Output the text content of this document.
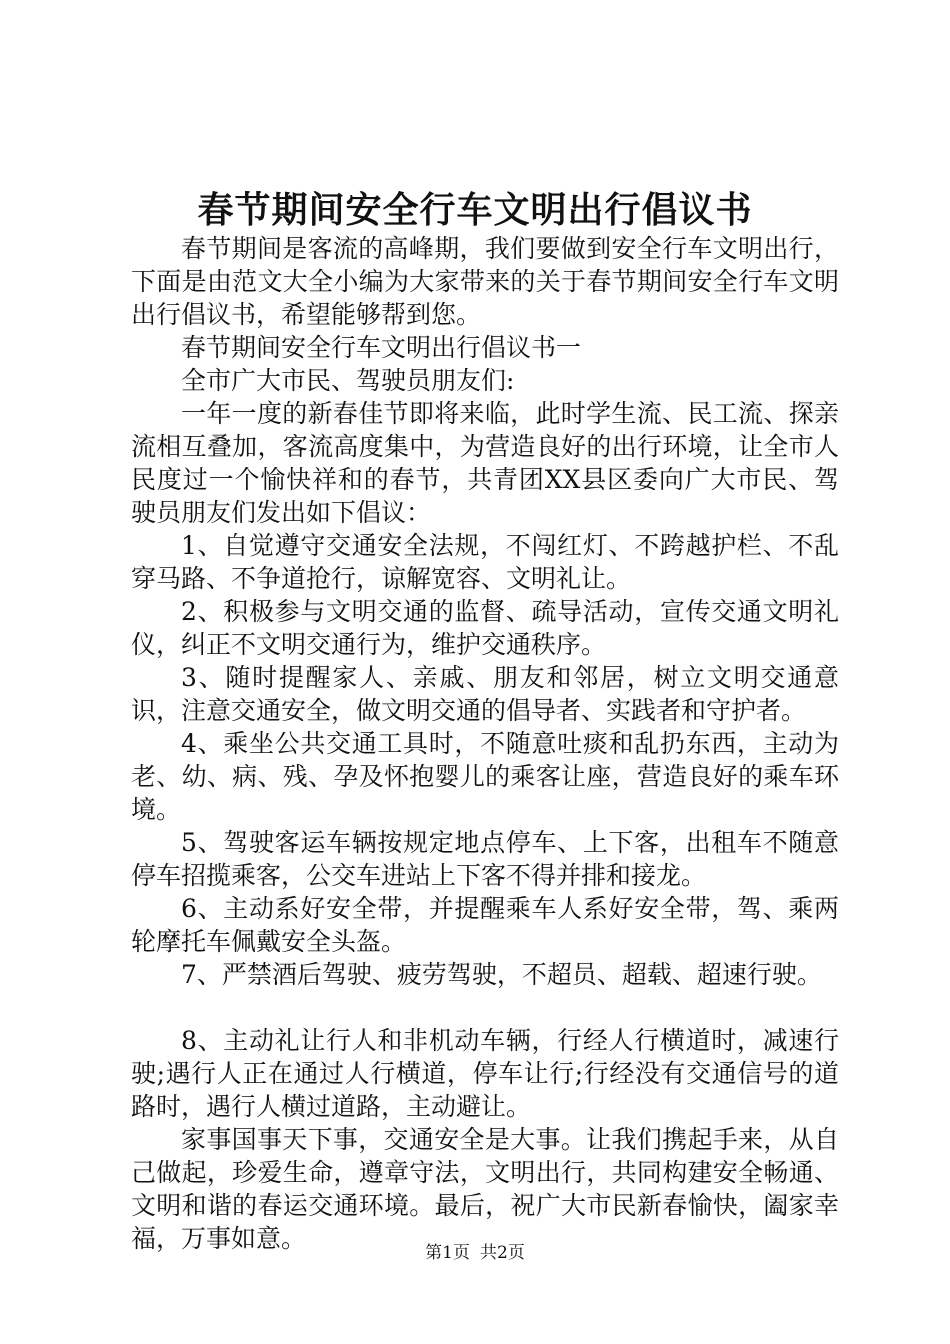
春节期间安全行车文明出行倡议书

春节期间是客流的高峰期，我们要做到安全行车文明出行，下面是由范文大全小编为大家带来的关于春节期间安全行车文明出行倡议书，希望能够帮到您。

春节期间安全行车文明出行倡议书一

全市广大市民、驾驶员朋友们:

一年一度的新春佳节即将来临，此时学生流、民工流、探亲流相互叠加，客流高度集中，为营造良好的出行环境，让全市人民度过一个愉快祥和的春节，共青团XX县区委向广大市民、驾驶员朋友们发出如下倡议：

1、自觉遵守交通安全法规，不闯红灯、不跨越护栏、不乱穿马路、不争道抢行，谅解宽容、文明礼让。

2、积极参与文明交通的监督、疏导活动，宣传交通文明礼仪，纠正不文明交通行为，维护交通秩序。

3、随时提醒家人、亲戚、朋友和邻居，树立文明交通意识，注意交通安全，做文明交通的倡导者、实践者和守护者。

4、乘坐公共交通工具时，不随意吐痰和乱扔东西，主动为老、幼、病、残、孕及怀抱婴儿的乘客让座，营造良好的乘车环境。

5、驾驶客运车辆按规定地点停车、上下客，出租车不随意停车招揽乘客，公交车进站上下客不得并排和接龙。

6、主动系好安全带，并提醒乘车人系好安全带，驾、乘两轮摩托车佩戴安全头盔。

7、严禁酒后驾驶、疲劳驾驶，不超员、超载、超速行驶。

8、主动礼让行人和非机动车辆，行经人行横道时，减速行驶;遇行人正在通过人行横道，停车让行;行经没有交通信号的道路时，遇行人横过道路，主动避让。

家事国事天下事，交通安全是大事。让我们携起手来，从自己做起，珍爱生命，遵章守法，文明出行，共同构建安全畅通、文明和谐的春运交通环境。最后，祝广大市民新春愉快，阖家幸福，万事如意。	第1页 共2页
